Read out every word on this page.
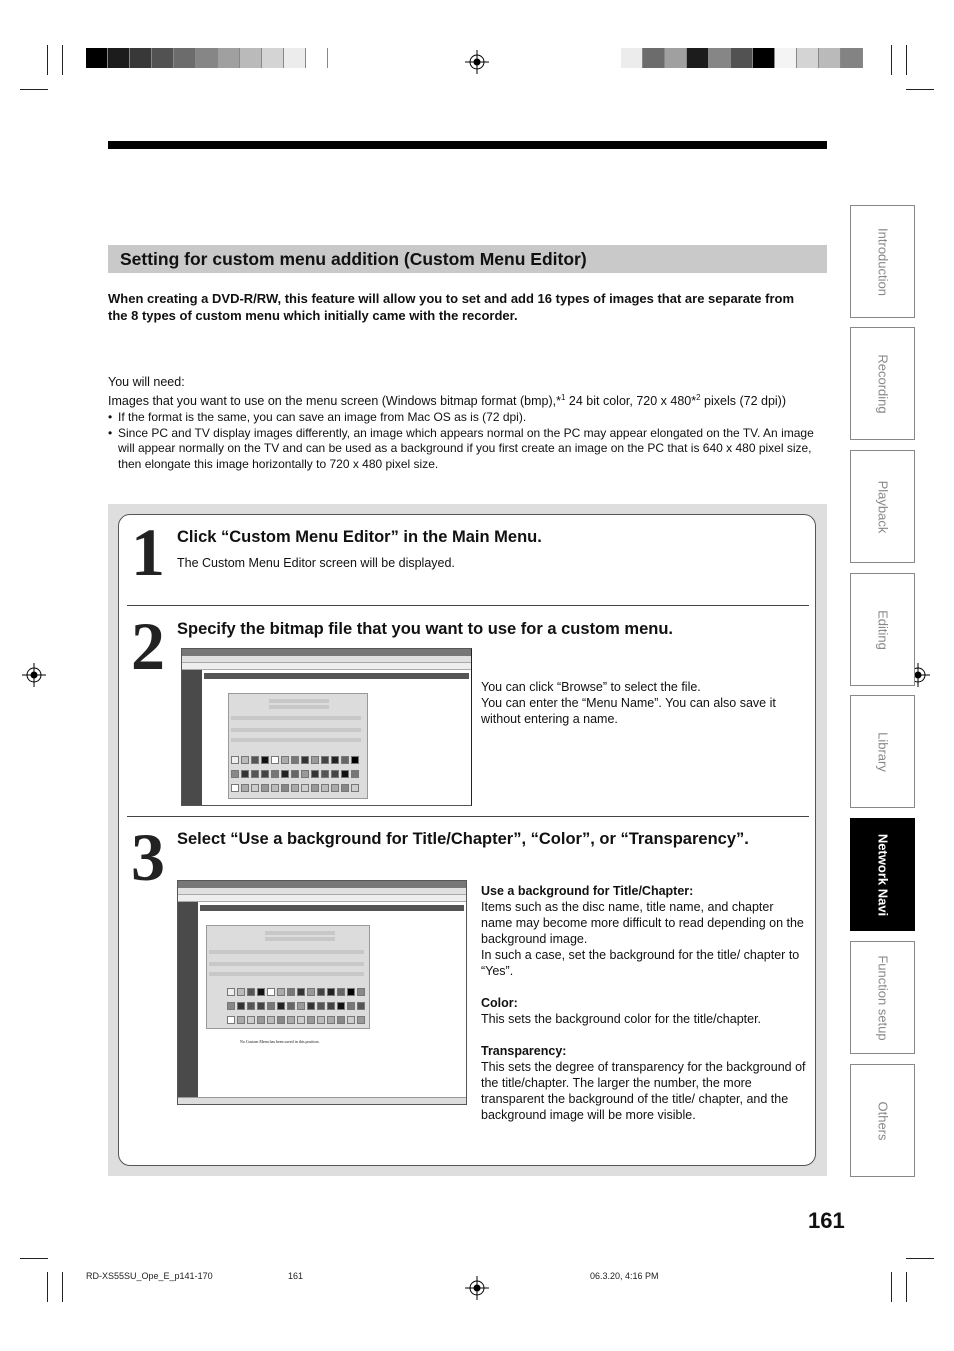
Setting for custom menu addition (Custom Menu Editor)
When creating a DVD-R/RW, this feature will allow you to set and add 16 types of images that are separate from the 8 types of custom menu which initially came with the recorder.

You will need:

Images that you want to use on the menu screen (Windows bitmap format (bmp),*$^1$ 24 bit color, 720 x 480*$^2$ pixels (72 dpi))

• If the format is the same, you can save an image from Mac OS as is (72 dpi).
• Since PC and TV display images differently, an image which appears normal on the PC may appear elongated on the TV. An image will appear normally on the TV and can be used as a background if you first create an image on the PC that is 640 x 480 pixel size, then elongate this image horizontally to 720 x 480 pixel size.
1 Click “Custom Menu Editor” in the Main Menu.
The Custom Menu Editor screen will be displayed.
2 Specify the bitmap file that you want to use for a custom menu.
Custom Menu Editor	You can click “Browse” to select the file.
You can enter the “Menu Name”. You can also save it without entering a name.
3 Select “Use a background for Title/Chapter”, “Color”, or “Transparency”.
Custom Menu Editor
No Custom Menu has been saved in this position.
Use a background for Title/Chapter:
Items such as the disc name, title name, and chapter name may become more difficult to read depending on the background image.
In such a case, set the background for the title/ chapter to “Yes”.
Color:
This sets the background color for the title/chapter.
Transparency:
This sets the degree of transparency for the background of the title/chapter. The larger the number, the more transparent the background of the title/ chapter, and the background image will be more visible.
Introduction
Recording
Playback
Editing
Library
Network Navi
Function setup
Others
161
RD-XS55SU_Ope_E_p141-170	161	06.3.20, 4:16 PM
